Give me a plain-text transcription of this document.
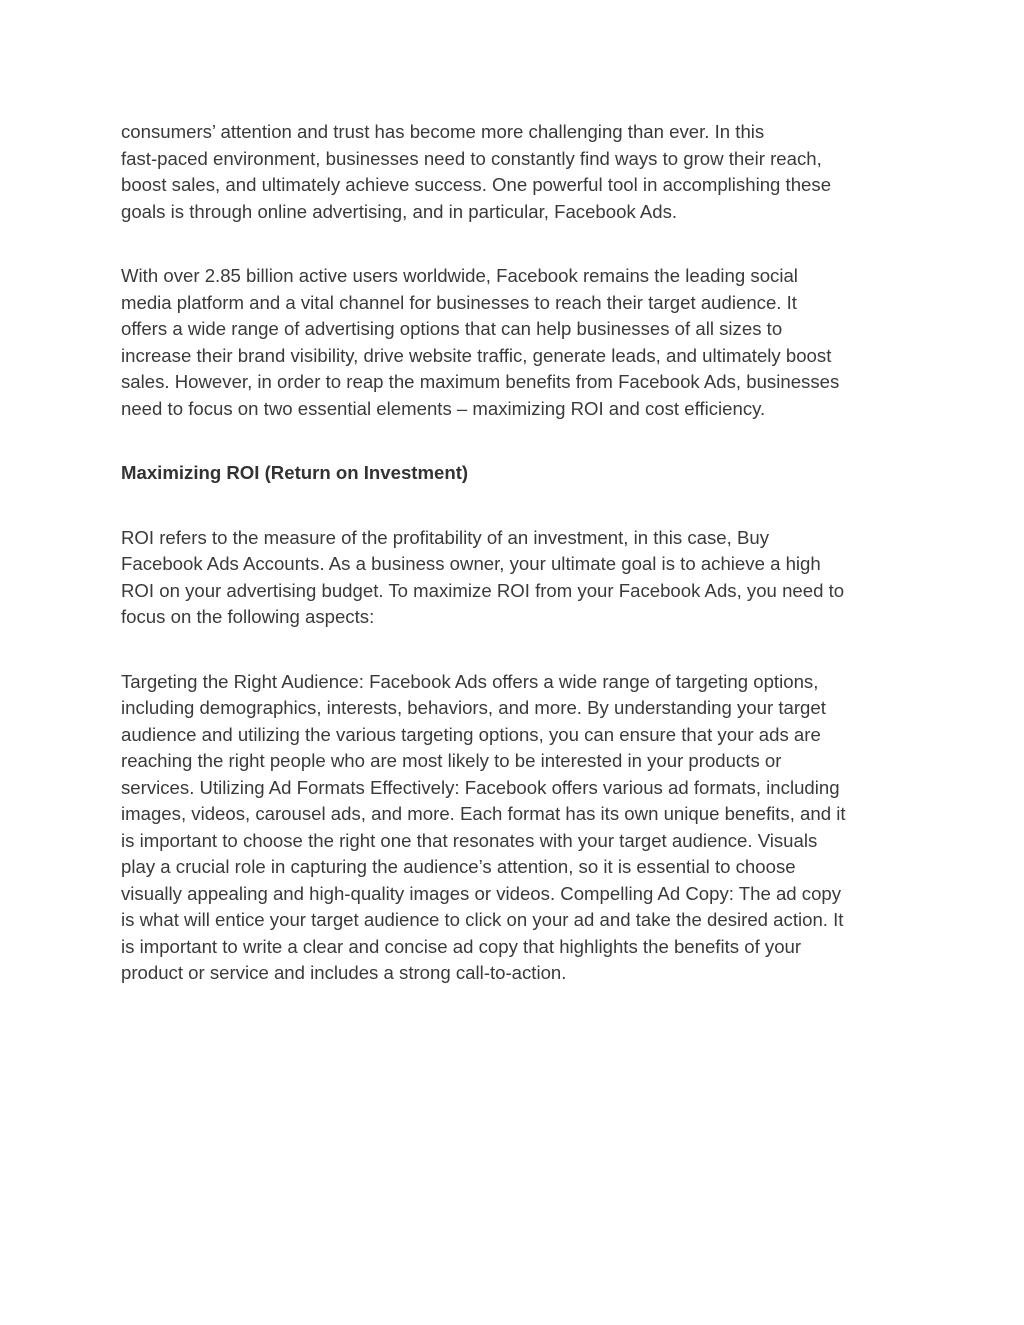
consumers’ attention and trust has become more challenging than ever. In this
fast-paced environment, businesses need to constantly find ways to grow their reach,
boost sales, and ultimately achieve success. One powerful tool in accomplishing these
goals is through online advertising, and in particular, Facebook Ads.

With over 2.85 billion active users worldwide, Facebook remains the leading social
media platform and a vital channel for businesses to reach their target audience. It
offers a wide range of advertising options that can help businesses of all sizes to
increase their brand visibility, drive website traffic, generate leads, and ultimately boost
sales. However, in order to reap the maximum benefits from Facebook Ads, businesses
need to focus on two essential elements – maximizing ROI and cost efficiency.

Maximizing ROI (Return on Investment)

ROI refers to the measure of the profitability of an investment, in this case, Buy
Facebook Ads Accounts. As a business owner, your ultimate goal is to achieve a high
ROI on your advertising budget. To maximize ROI from your Facebook Ads, you need to
focus on the following aspects:

Targeting the Right Audience: Facebook Ads offers a wide range of targeting options,
including demographics, interests, behaviors, and more. By understanding your target
audience and utilizing the various targeting options, you can ensure that your ads are
reaching the right people who are most likely to be interested in your products or
services. Utilizing Ad Formats Effectively: Facebook offers various ad formats, including
images, videos, carousel ads, and more. Each format has its own unique benefits, and it
is important to choose the right one that resonates with your target audience. Visuals
play a crucial role in capturing the audience’s attention, so it is essential to choose
visually appealing and high-quality images or videos. Compelling Ad Copy: The ad copy
is what will entice your target audience to click on your ad and take the desired action. It
is important to write a clear and concise ad copy that highlights the benefits of your
product or service and includes a strong call-to-action.
